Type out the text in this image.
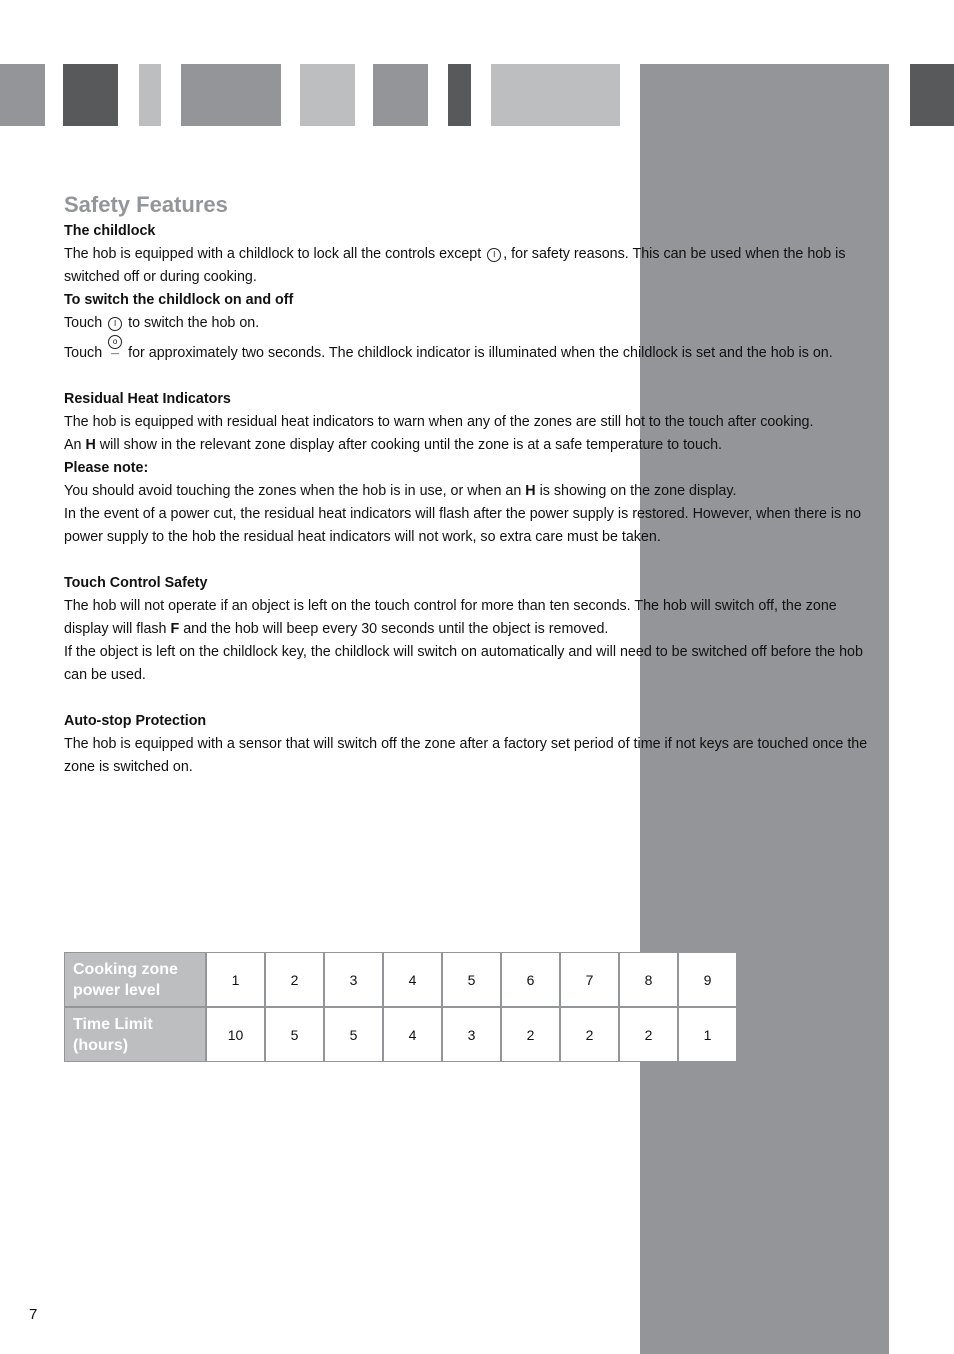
Safety Features

The childlock

The hob is equipped with a childlock to lock all the controls except I , for safety reasons. This can be used when the hob is switched off or during cooking.

To switch the childlock on and off

Touch I to switch the hob on.

Touch o— for approximately two seconds. The childlock indicator is illuminated when the childlock is set and the hob is on.

Residual Heat Indicators

The hob is equipped with residual heat indicators to warn when any of the zones are still hot to the touch after cooking.

An H will show in the relevant zone display after cooking until the zone is at a safe temperature to touch.

Please note:

You should avoid touching the zones when the hob is in use, or when an H is showing on the zone display.

In the event of a power cut, the residual heat indicators will flash after the power supply is restored. However, when there is no power supply to the hob the residual heat indicators will not work, so extra care must be taken.

Touch Control Safety

The hob will not operate if an object is left on the touch control for more than ten seconds. The hob will switch off, the zone display will flash F and the hob will beep every 30 seconds until the object is removed.

If the object is left on the childlock key, the childlock will switch on automatically and will need to be switched off before the hob can be used.

Auto-stop Protection

The hob is equipped with a sensor that will switch off the zone after a factory set period of time if not keys are touched once the zone is switched on.

Cooking zone power level	1	2	3	4	5	6	7	8	9
Time Limit (hours)	10	5	5	4	3	2	2	2	1
7
